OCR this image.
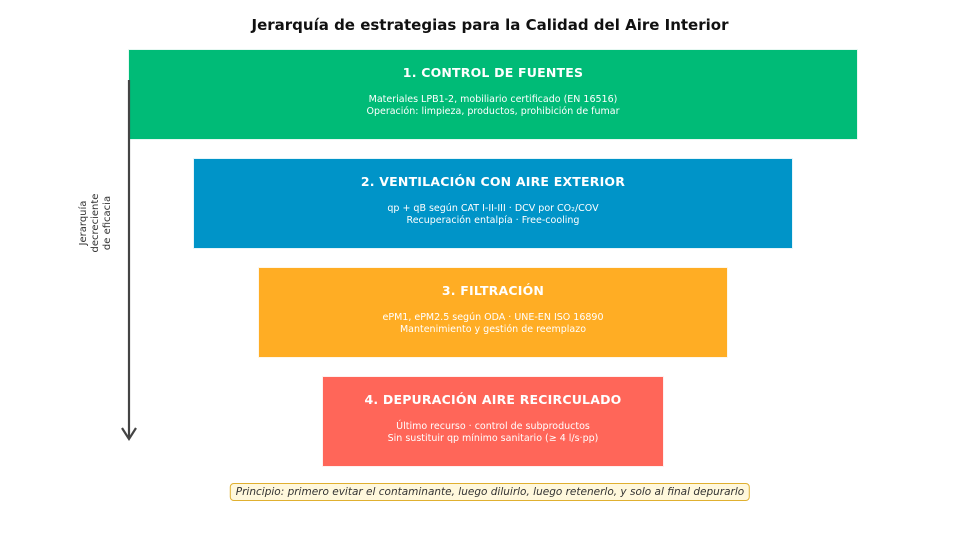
Jerarquía de estrategias para la Calidad del Aire Interior
1. CONTROL DE FUENTES
Materiales LPB1-2, mobiliario certificado (EN 16516)
Operación: limpieza, productos, prohibición de fumar
2. VENTILACIÓN CON AIRE EXTERIOR
qp + qB según CAT I-II-III · DCV por CO₂/COV
Recuperación entalpía · Free-cooling
3. FILTRACIÓN
ePM1, ePM2.5 según ODA · UNE-EN ISO 16890
Mantenimiento y gestión de reemplazo
4. DEPURACIÓN AIRE RECIRCULADO
Último recurso · control de subproductos
Sin sustituir qp mínimo sanitario (≥ 4 l/s·pp)
Jerarquía decreciente de eficacia
Principio: primero evitar el contaminante, luego diluirlo, luego retenerlo, y solo al final depurarlo
